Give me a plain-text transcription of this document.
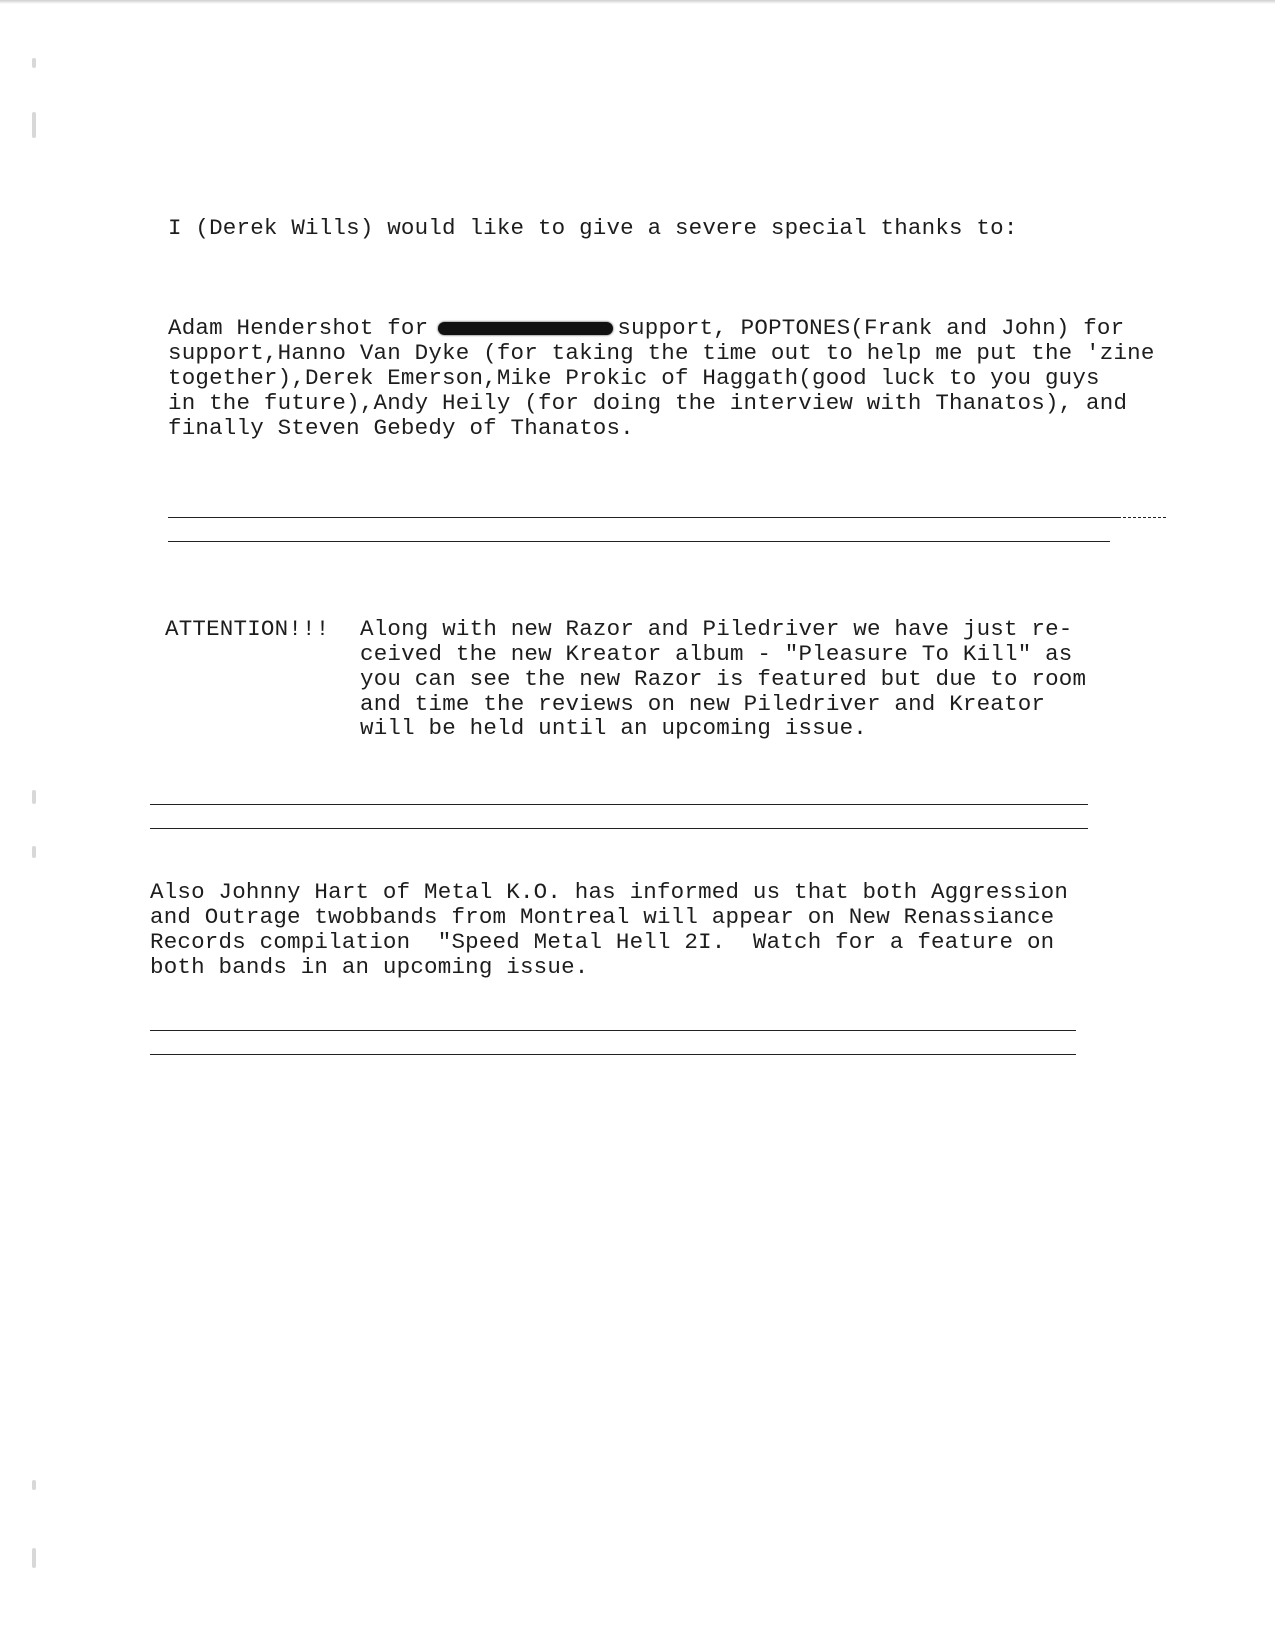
I (Derek Wills) would like to give a severe special thanks to:

Adam Hendershot for	support, POPTONES(Frank and John) for

support,Hanno Van Dyke (for taking the time out to help me put the 'zine

together),Derek Emerson,Mike Prokic of Haggath(good luck to you guys

in the future),Andy Heily (for doing the interview with Thanatos), and

finally Steven Gebedy of Thanatos.

ATTENTION!!! Along with new Razor and Piledriver we have just re-

ceived the new Kreator album - "Pleasure To Kill" as

you can see the new Razor is featured but due to room

and time the reviews on new Piledriver and Kreator

will be held until an upcoming issue.

Also Johnny Hart of Metal K.O. has informed us that both Aggression

and Outrage twobbands from Montreal will appear on New Renassiance

Records compilation  "Speed Metal Hell 2I.  Watch for a feature on

both bands in an upcoming issue.
